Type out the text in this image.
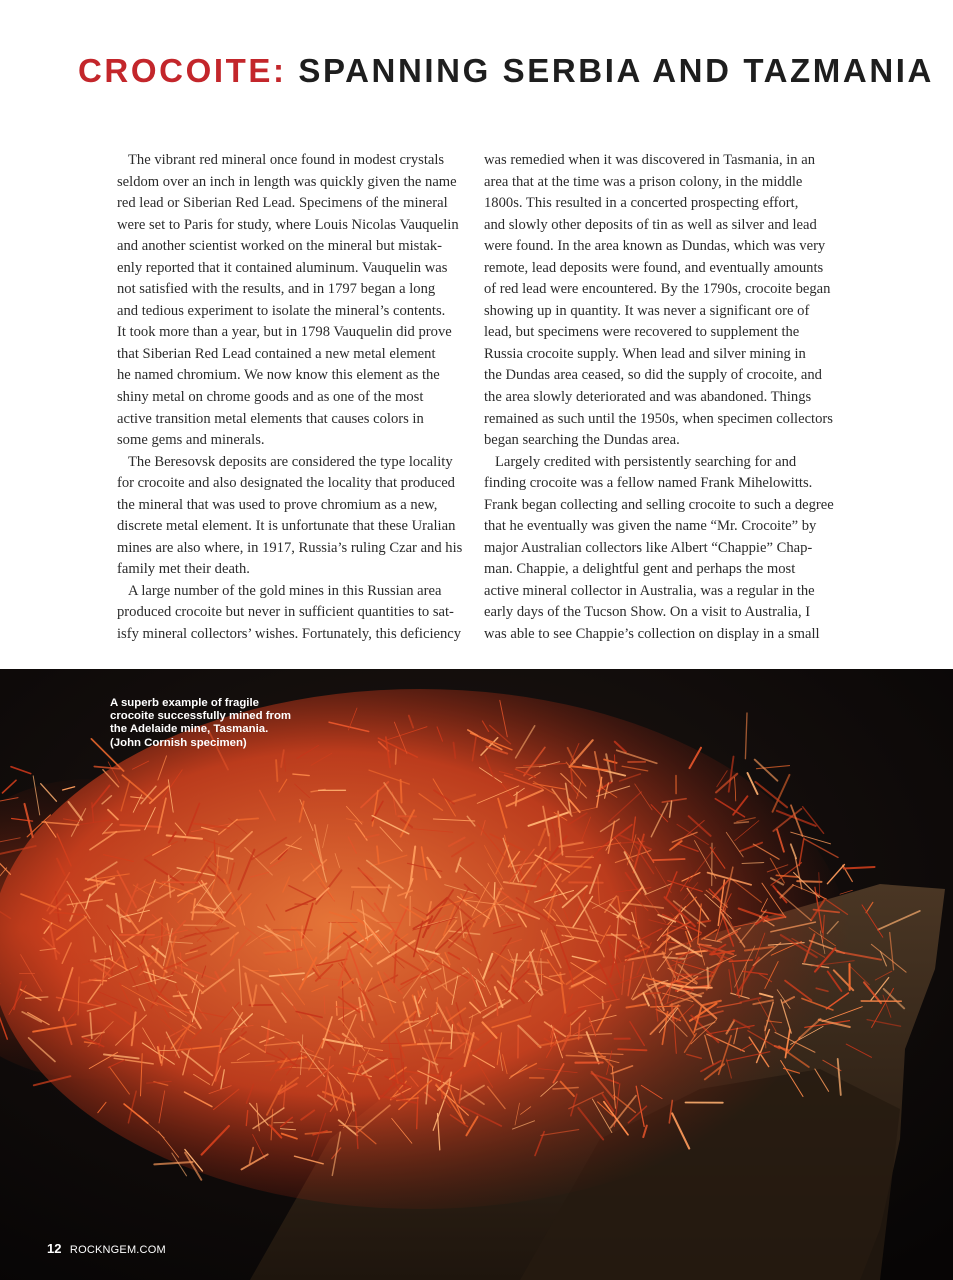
CROCOITE: SPANNING SERBIA AND TAZMANIA
The vibrant red mineral once found in modest crystals
seldom over an inch in length was quickly given the name
red lead or Siberian Red Lead. Specimens of the mineral
were set to Paris for study, where Louis Nicolas Vauquelin
and another scientist worked on the mineral but mistak-
enly reported that it contained aluminum. Vauquelin was
not satisfied with the results, and in 1797 began a long
and tedious experiment to isolate the mineral’s contents.
It took more than a year, but in 1798 Vauquelin did prove
that Siberian Red Lead contained a new metal element
he named chromium. We now know this element as the
shiny metal on chrome goods and as one of the most
active transition metal elements that causes colors in
some gems and minerals.
The Beresovsk deposits are considered the type locality
for crocoite and also designated the locality that produced
the mineral that was used to prove chromium as a new,
discrete metal element. It is unfortunate that these Uralian
mines are also where, in 1917, Russia’s ruling Czar and his
family met their death.
A large number of the gold mines in this Russian area
produced crocoite but never in sufficient quantities to sat-
isfy mineral collectors’ wishes. Fortunately, this deficiency
was remedied when it was discovered in Tasmania, in an
area that at the time was a prison colony, in the middle
1800s. This resulted in a concerted prospecting effort,
and slowly other deposits of tin as well as silver and lead
were found. In the area known as Dundas, which was very
remote, lead deposits were found, and eventually amounts
of red lead were encountered. By the 1790s, crocoite began
showing up in quantity. It was never a significant ore of
lead, but specimens were recovered to supplement the
Russia crocoite supply. When lead and silver mining in
the Dundas area ceased, so did the supply of crocoite, and
the area slowly deteriorated and was abandoned. Things
remained as such until the 1950s, when specimen collectors
began searching the Dundas area.
Largely credited with persistently searching for and
finding crocoite was a fellow named Frank Mihelowitts.
Frank began collecting and selling crocoite to such a degree
that he eventually was given the name “Mr. Crocoite” by
major Australian collectors like Albert “Chappie” Chap-
man. Chappie, a delightful gent and perhaps the most
active mineral collector in Australia, was a regular in the
early days of the Tucson Show. On a visit to Australia, I
was able to see Chappie’s collection on display in a small
A superb example of fragile
crocoite successfully mined from
the Adelaide mine, Tasmania.
(John Cornish specimen)
12 ROCKNGEM.COM
